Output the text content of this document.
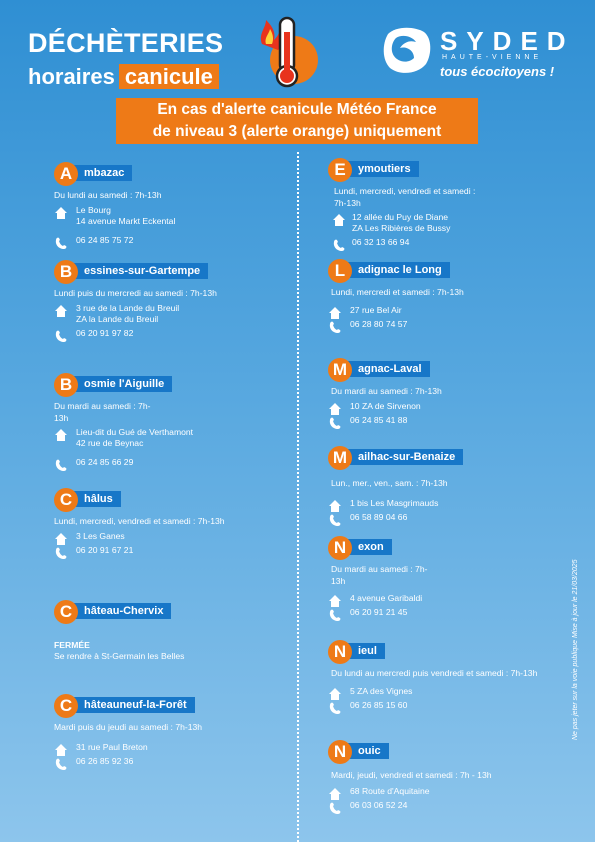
DÉCHÈTERIES
horaires canicule
SYDED
HAUTE-VIENNE
tous écocitoyens !
En cas d'alerte canicule Météo France
de niveau 3 (alerte orange) uniquement
Ne pas jeter sur la voie publique Mise à jour le 21/03/2025
mbazac
A
Du lundi au samedi : 7h-13h
Le Bourg
14 avenue Markt Eckental
06 24 85 75 72
essines-sur-Gartempe
B
Lundi puis du mercredi au samedi : 7h-13h
3 rue de la Lande du Breuil
ZA la Lande du Breuil
06 20 91 97 82
osmie l'Aiguille
B
Du mardi au samedi : 7h-13h
Lieu-dit du Gué de Verthamont
42 rue de Beynac
06 24 85 66 29
hâlus
C
Lundi, mercredi, vendredi et samedi : 7h-13h
3 Les Ganes
06 20 91 67 21
hâteau-Chervix
C
FERMÉE
Se rendre à St-Germain les Belles
hâteauneuf-la-Forêt
C
Mardi puis du jeudi au samedi : 7h-13h
31 rue Paul Breton
06 26 85 92 36
ymoutiers
E
Lundi, mercredi, vendredi et samedi : 7h-13h
12 allée du Puy de Diane
ZA Les Ribières de Bussy
06 32 13 66 94
adignac le Long
L
Lundi, mercredi et samedi : 7h-13h
27 rue Bel Air
06 28 80 74 57
agnac-Laval
M
Du mardi au samedi : 7h-13h
10 ZA de Sirvenon
06 24 85 41 88
ailhac-sur-Benaize
M
Lun., mer., ven., sam. : 7h-13h
1 bis Les Masgrimauds
06 58 89 04 66
exon
N
Du mardi au samedi : 7h-13h
4 avenue Garibaldi
06 20 91 21 45
ieul
N
Du lundi au mercredi puis vendredi et samedi : 7h-13h
5 ZA des Vignes
06 26 85 15 60
ouic
N
Mardi, jeudi, vendredi et samedi : 7h - 13h
68 Route d'Aquitaine
06 03 06 52 24
